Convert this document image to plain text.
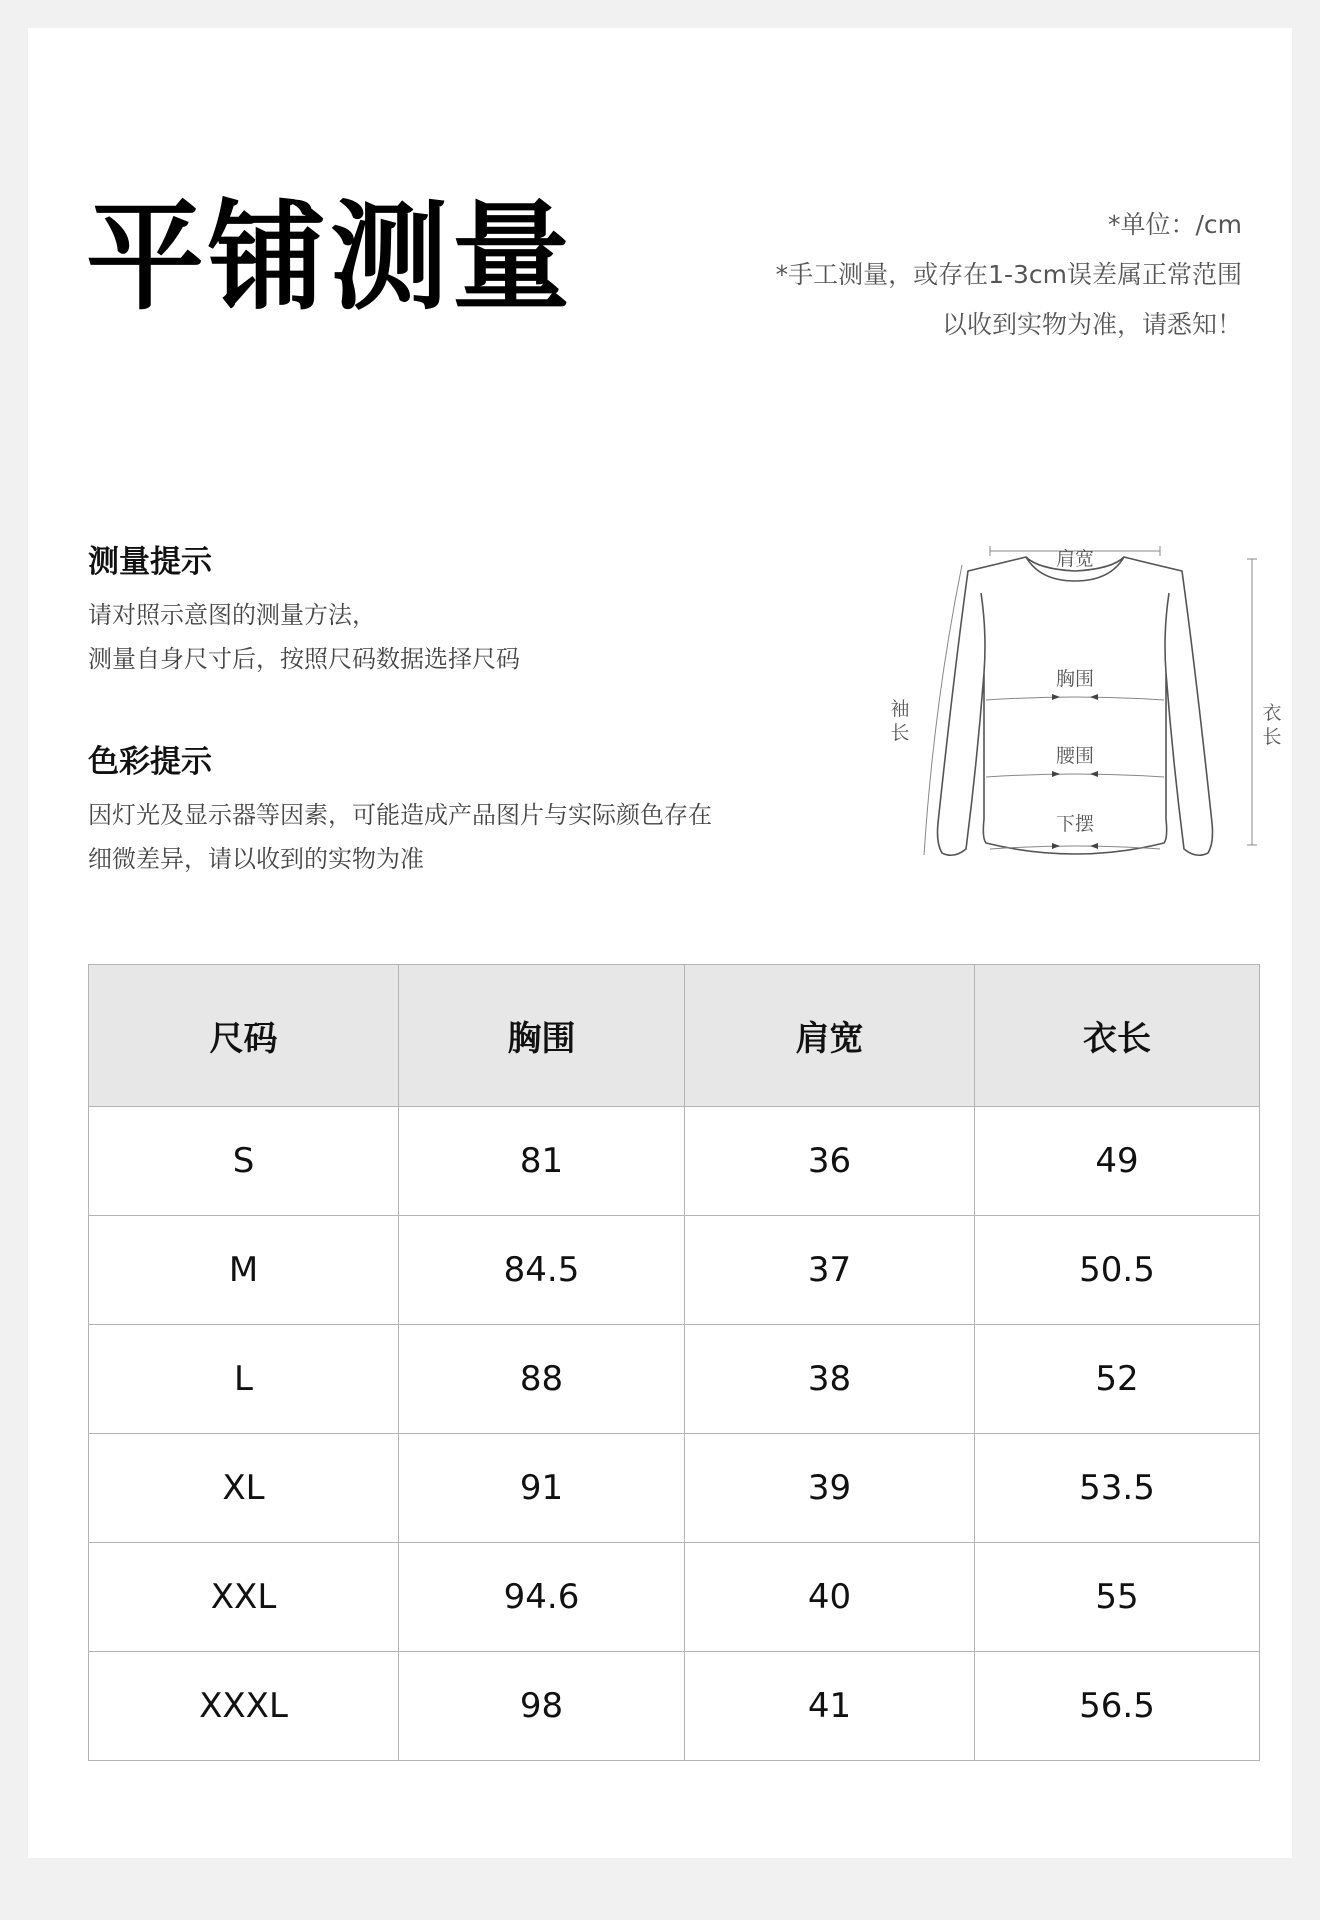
平铺测量	*单位：/cm
*手工测量，或存在1-3cm误差属正常范围
以收到实物为准，请悉知！
测量提示
请对照示意图的测量方法，
测量自身尺寸后，按照尺码数据选择尺码
色彩提示
因灯光及显示器等因素，可能造成产品图片与实际颜色存在
细微差异，请以收到的实物为准
肩宽
胸围
腰围
下摆
袖
长
衣
长
尺码	胸围	肩宽	衣长
S	81	36	49
M	84.5	37	50.5
L	88	38	52
XL	91	39	53.5
XXL	94.6	40	55
XXXL	98	41	56.5
